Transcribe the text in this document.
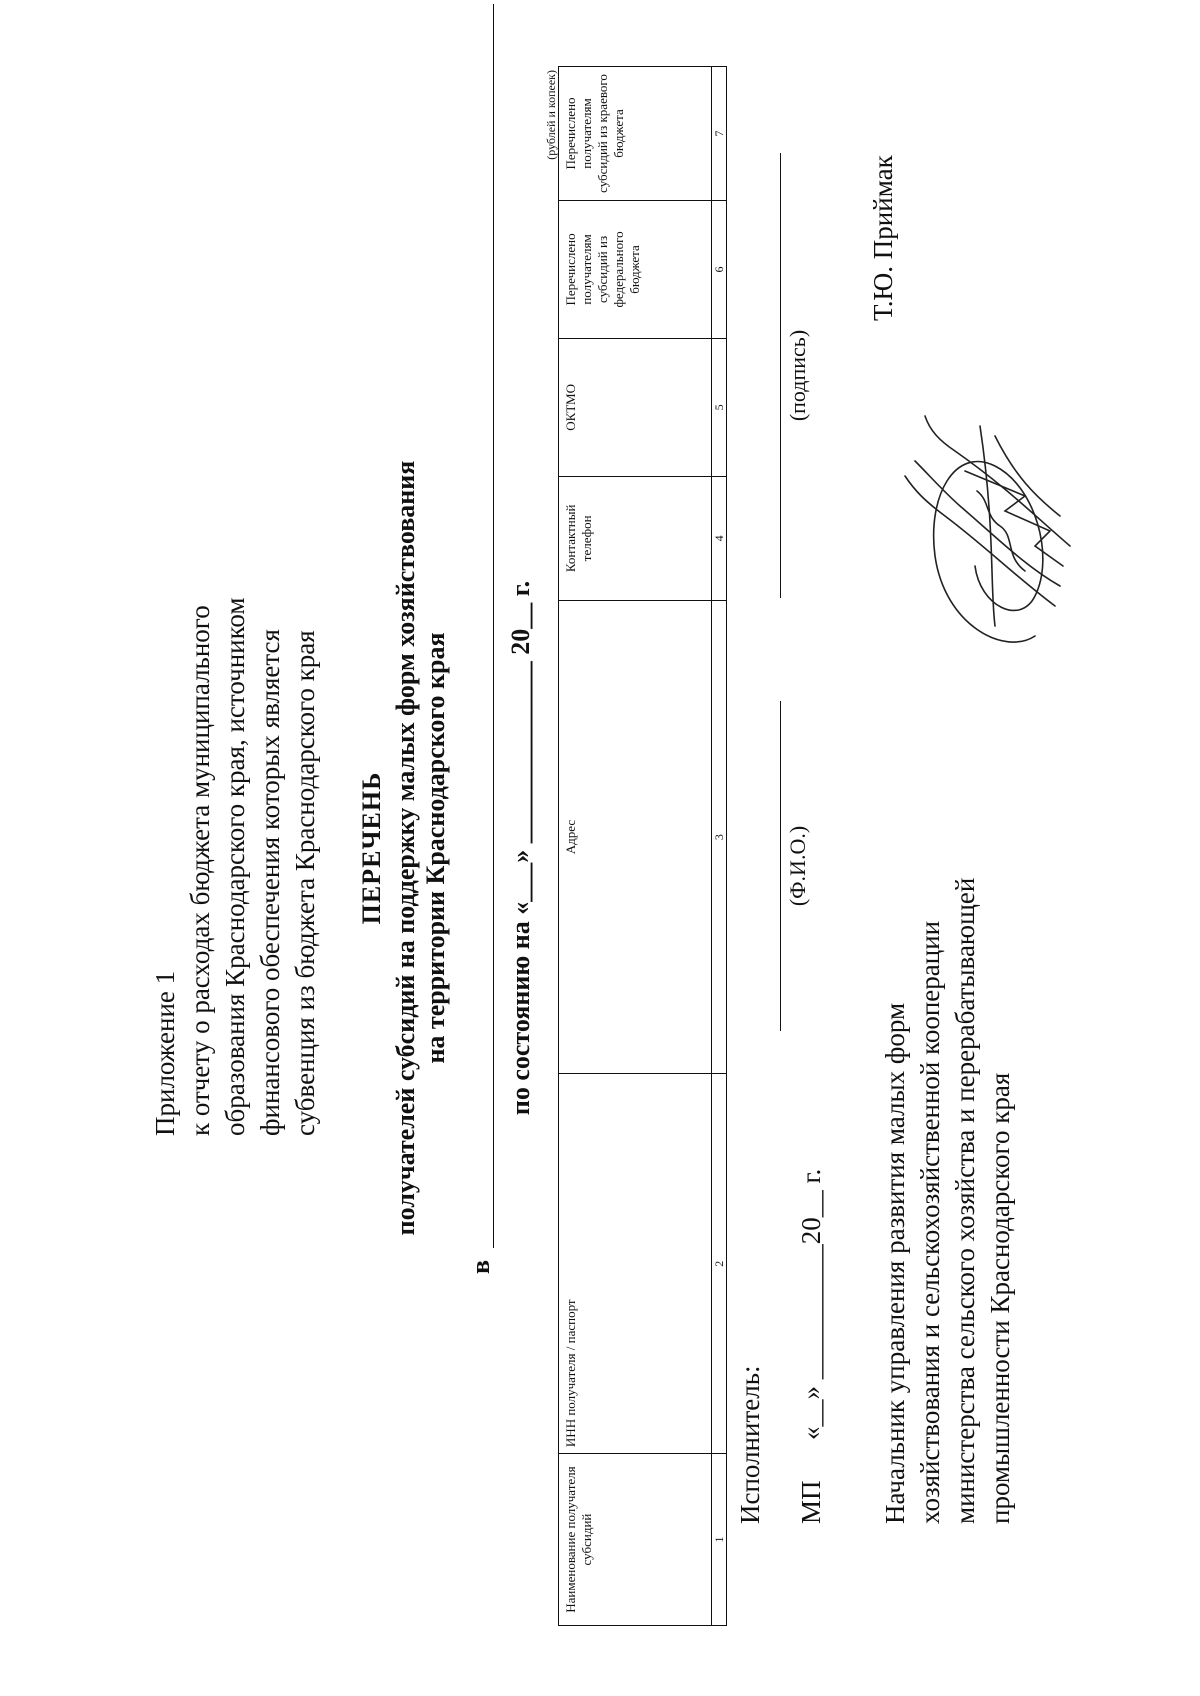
Приложение 1 к отчету о расходах бюджета муниципального образования Краснодарского края, источником финансового обеспечения которых является субвенция из бюджета Краснодарского края ПЕРЕЧЕНЬ получателей субсидий на поддержку малых форм хозяйствования на территории Краснодарского края
в
по состоянию на «___» ______________ 20__ г.
(рублей и копеек)
Наименование получателя субсидий	ИНН получателя / паспорт	Адрес	Контактный телефон	ОКТМО	Перечислено получателям субсидий из федерального бюджета	Перечислено получателям субсидий из краевого бюджета
1	2	3	4	5	6	7
Исполнитель:
(Ф.И.О.)
(подпись)
МП      «__» __________20__ г. Начальник управления развития малых форм хозяйствования и сельскохозяйственной кооперации министерства сельского хозяйства и перерабатывающей промышленности Краснодарского края
Т.Ю. Приймак
